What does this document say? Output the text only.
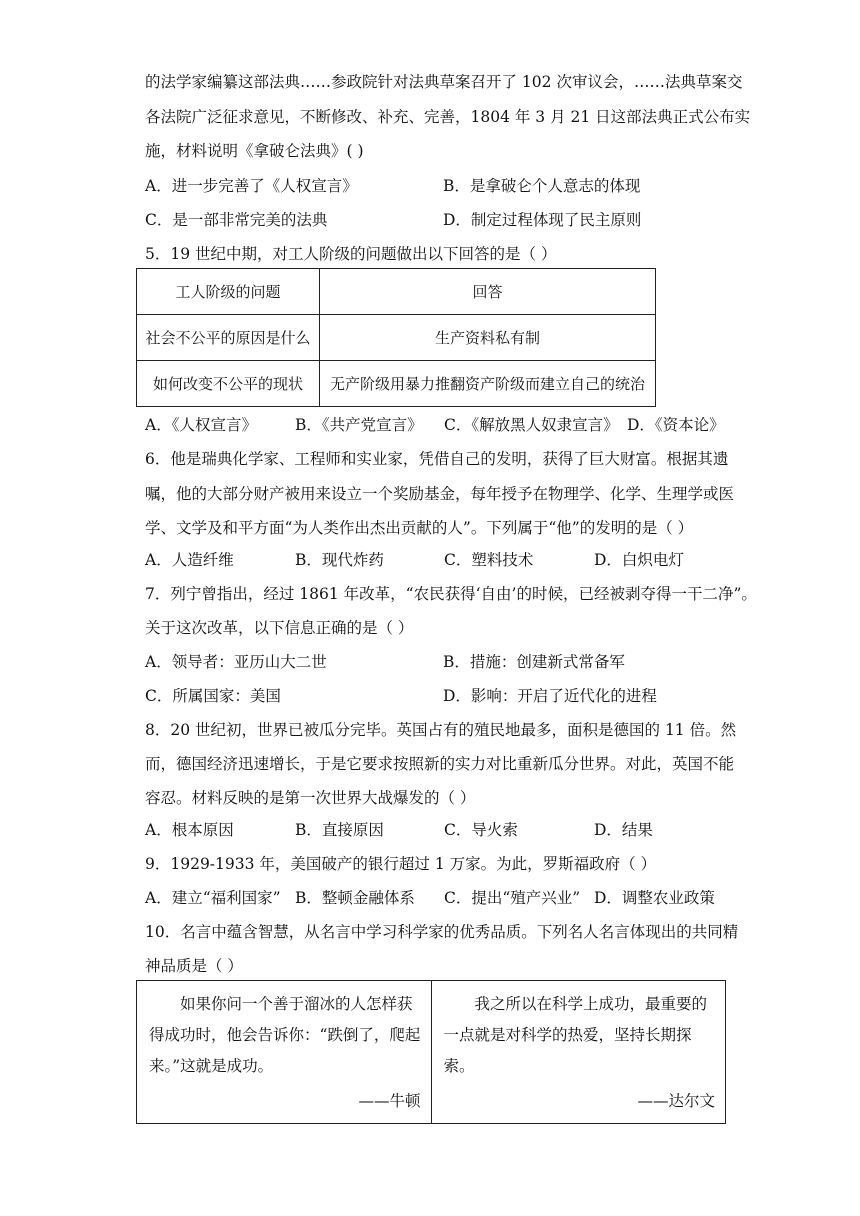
的法学家编纂这部法典……参政院针对法典草案召开了 102 次审议会，……法典草案交
各法院广泛征求意见，不断修改、补充、完善，1804 年 3 月 21 日这部法典正式公布实
施，材料说明《拿破仑法典》( )
A．进一步完善了《人权宣言》	B．是拿破仑个人意志的体现
C．是一部非常完美的法典	D．制定过程体现了民主原则
5．19 世纪中期，对工人阶级的问题做出以下回答的是（ ）
工人阶级的问题	回答
社会不公平的原因是什么	生产资料私有制
如何改变不公平的现状	无产阶级用暴力推翻资产阶级而建立自己的统治
A．《人权宣言》 B．《共产党宣言》 C．《解放黑人奴隶宣言》 D．《资本论》
6．他是瑞典化学家、工程师和实业家，凭借自己的发明，获得了巨大财富。根据其遗
嘱，他的大部分财产被用来设立一个奖励基金，每年授予在物理学、化学、生理学或医
学、文学及和平方面“为人类作出杰出贡献的人”。下列属于“他”的发明的是（ ）
A．人造纤维	B．现代炸药	C．塑料技术	D．白炽电灯
7．列宁曾指出，经过 1861 年改革，“农民获得‘自由’的时候，已经被剥夺得一干二净”。
关于这次改革，以下信息正确的是（ ）
A．领导者：亚历山大二世	B．措施：创建新式常备军
C．所属国家：美国	D．影响：开启了近代化的进程
8．20 世纪初，世界已被瓜分完毕。英国占有的殖民地最多，面积是德国的 11 倍。然
而，德国经济迅速增长，于是它要求按照新的实力对比重新瓜分世界。对此，英国不能
容忍。材料反映的是第一次世界大战爆发的（ ）
A．根本原因	B．直接原因	C．导火索	D．结果
9．1929-1933 年，美国破产的银行超过 1 万家。为此，罗斯福政府（ ）
A．建立“福利国家” B．整顿金融体系 C．提出“殖产兴业” D．调整农业政策
10．名言中蕴含智慧，从名言中学习科学家的优秀品质。下列名人名言体现出的共同精
神品质是（ ）
如果你问一个善于溜冰的人怎样获得成功时，他会告诉你：“跌倒了，爬起来。”这就是成功。
——牛顿

我之所以在科学上成功，最重要的一点就是对科学的热爱，坚持长期探索。
——达尔文
